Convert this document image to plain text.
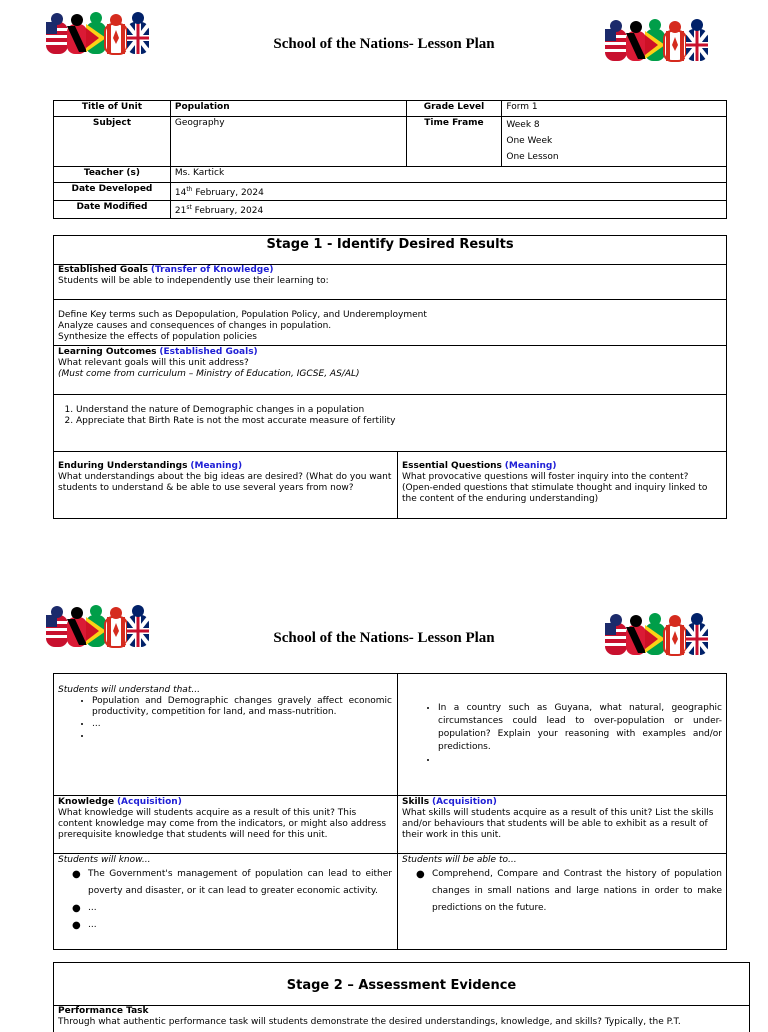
School of the Nations- Lesson Plan
Title of Unit	Population	Grade Level	Form 1
Subject	Geography	Time Frame	Week 8
One Week
One Lesson

Teacher (s)	Ms. Kartick		
Date Developed	14th February, 2024		
Date Modified	21st February, 2024		
Stage 1 - Identify Desired Results
Established Goals (Transfer of Knowledge)
Students will be able to independently use their learning to:
Define Key terms such as Depopulation, Population Policy, and Underemployment
Analyze causes and consequences of changes in population.
Synthesize the effects of population policies
Learning Outcomes (Established Goals)
What relevant goals will this unit address?
(Must come from curriculum – Ministry of Education, IGCSE, AS/AL)
1. Understand the nature of Demographic changes in a population
2. Appreciate that Birth Rate is not the most accurate measure of fertility
Enduring Understandings (Meaning)
What understandings about the big ideas are desired? (What do you want students to understand & be able to use several years from now?
Essential Questions (Meaning)
What provocative questions will foster inquiry into the content? (Open-ended questions that stimulate thought and inquiry linked to the content of the enduring understanding)
School of the Nations- Lesson Plan
Students will understand that...
• Population and Demographic changes gravely affect economic productivity, competition for land, and mass-nutrition.
• ...
•
• In a country such as Guyana, what natural, geographic circumstances could lead to over-population or under-population? Explain your reasoning with examples and/or predictions.
•
Knowledge (Acquisition)
What knowledge will students acquire as a result of this unit? This content knowledge may come from the indicators, or might also address prerequisite knowledge that students will need for this unit.
Skills (Acquisition)
What skills will students acquire as a result of this unit? List the skills and/or behaviours that students will be able to exhibit as a result of their work in this unit.
Students will know...
● The Government's management of population can lead to either poverty and disaster, or it can lead to greater economic activity.
● ...
● ...
Students will be able to...
● Comprehend, Compare and Contrast the history of population changes in small nations and large nations in order to make predictions on the future.
Stage 2 – Assessment Evidence
Performance Task
Through what authentic performance task will students demonstrate the desired understandings, knowledge, and skills? Typically, the P.T.
